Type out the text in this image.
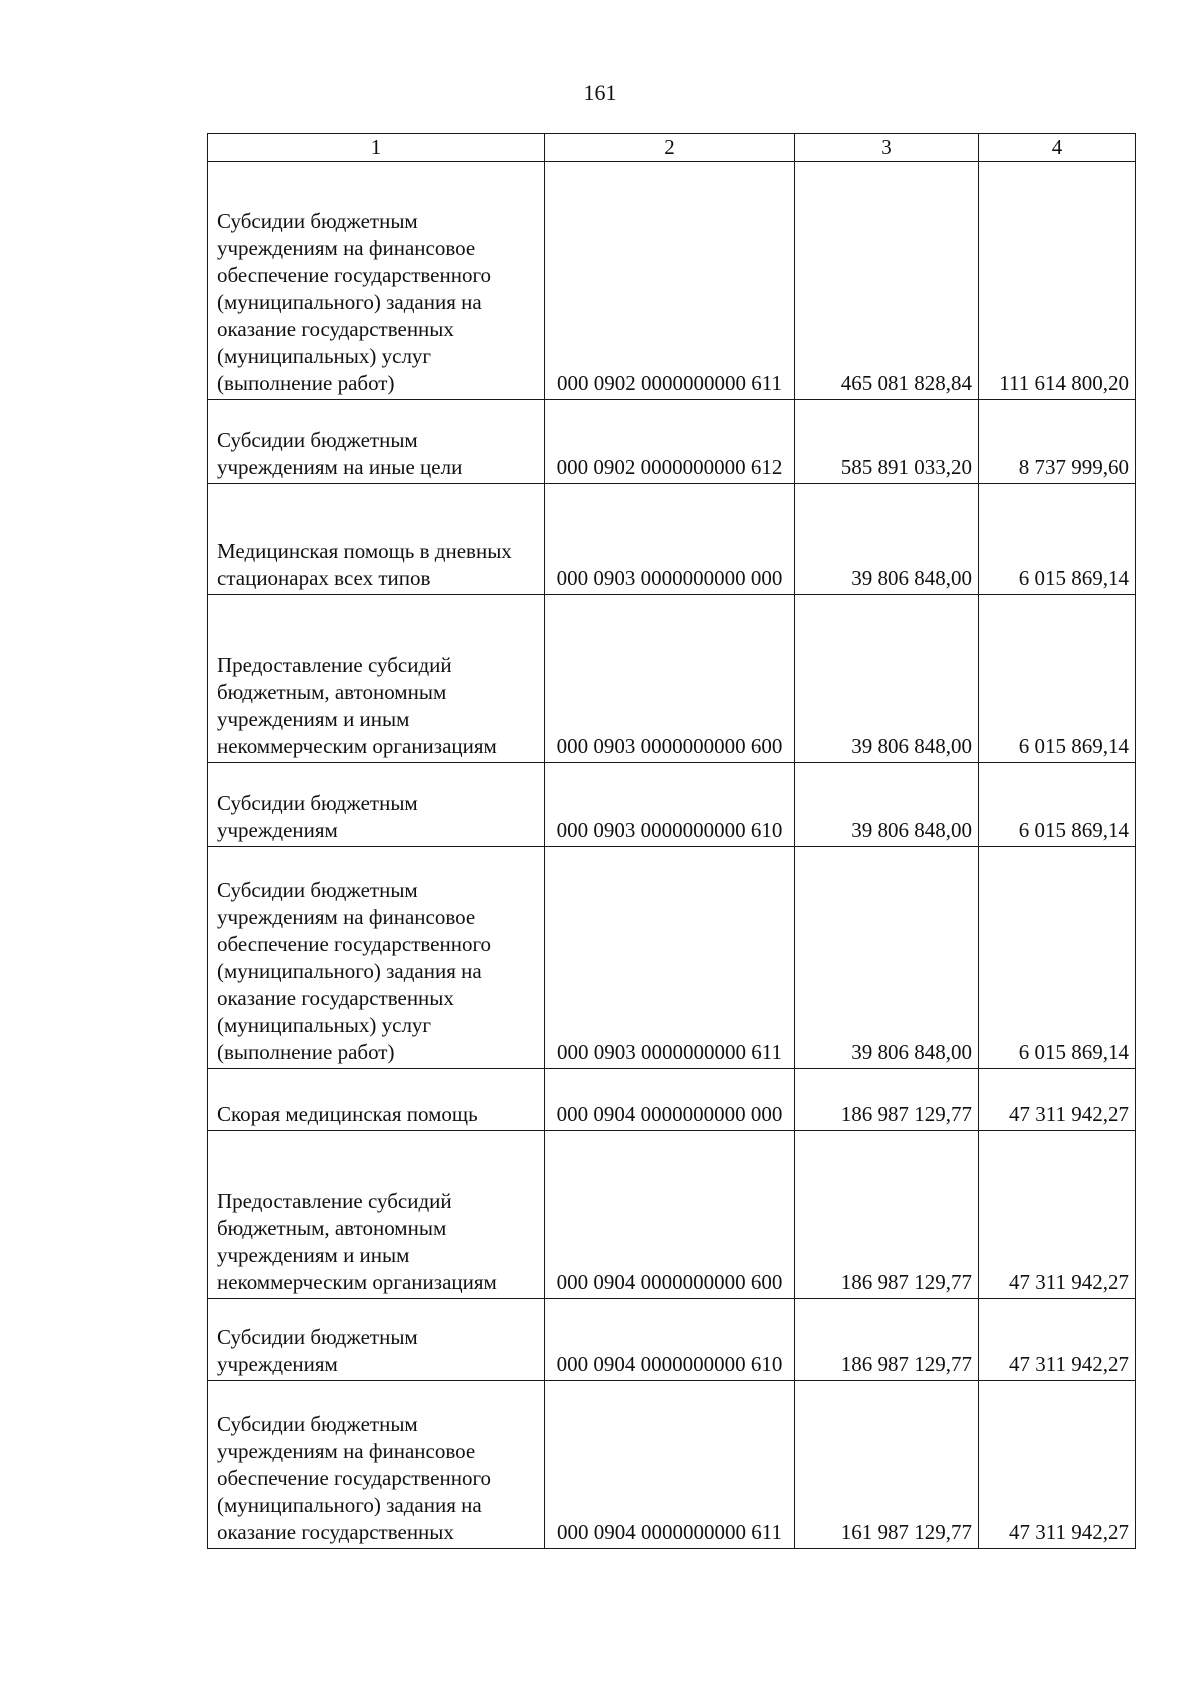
161
1	2	3	4

Субсидии бюджетным учреждениям на финансовое обеспечение государственного (муниципального) задания на оказание государственных (муниципальных) услуг (выполнение работ)	000 0902 0000000000 611	465 081 828,84	111 614 800,20

Субсидии бюджетным учреждениям на иные цели	000 0902 0000000000 612	585 891 033,20	8 737 999,60

Медицинская помощь в дневных стационарах всех типов	000 0903 0000000000 000	39 806 848,00	6 015 869,14

Предоставление субсидий бюджетным, автономным учреждениям и иным некоммерческим организациям	000 0903 0000000000 600	39 806 848,00	6 015 869,14

Субсидии бюджетным учреждениям	000 0903 0000000000 610	39 806 848,00	6 015 869,14

Субсидии бюджетным учреждениям на финансовое обеспечение государственного (муниципального) задания на оказание государственных (муниципальных) услуг (выполнение работ)	000 0903 0000000000 611	39 806 848,00	6 015 869,14

Скорая медицинская помощь	000 0904 0000000000 000	186 987 129,77	47 311 942,27

Предоставление субсидий бюджетным, автономным учреждениям и иным некоммерческим организациям	000 0904 0000000000 600	186 987 129,77	47 311 942,27

Субсидии бюджетным учреждениям	000 0904 0000000000 610	186 987 129,77	47 311 942,27

Субсидии бюджетным учреждениям на финансовое обеспечение государственного (муниципального) задания на оказание государственных	000 0904 0000000000 611	161 987 129,77	47 311 942,27
